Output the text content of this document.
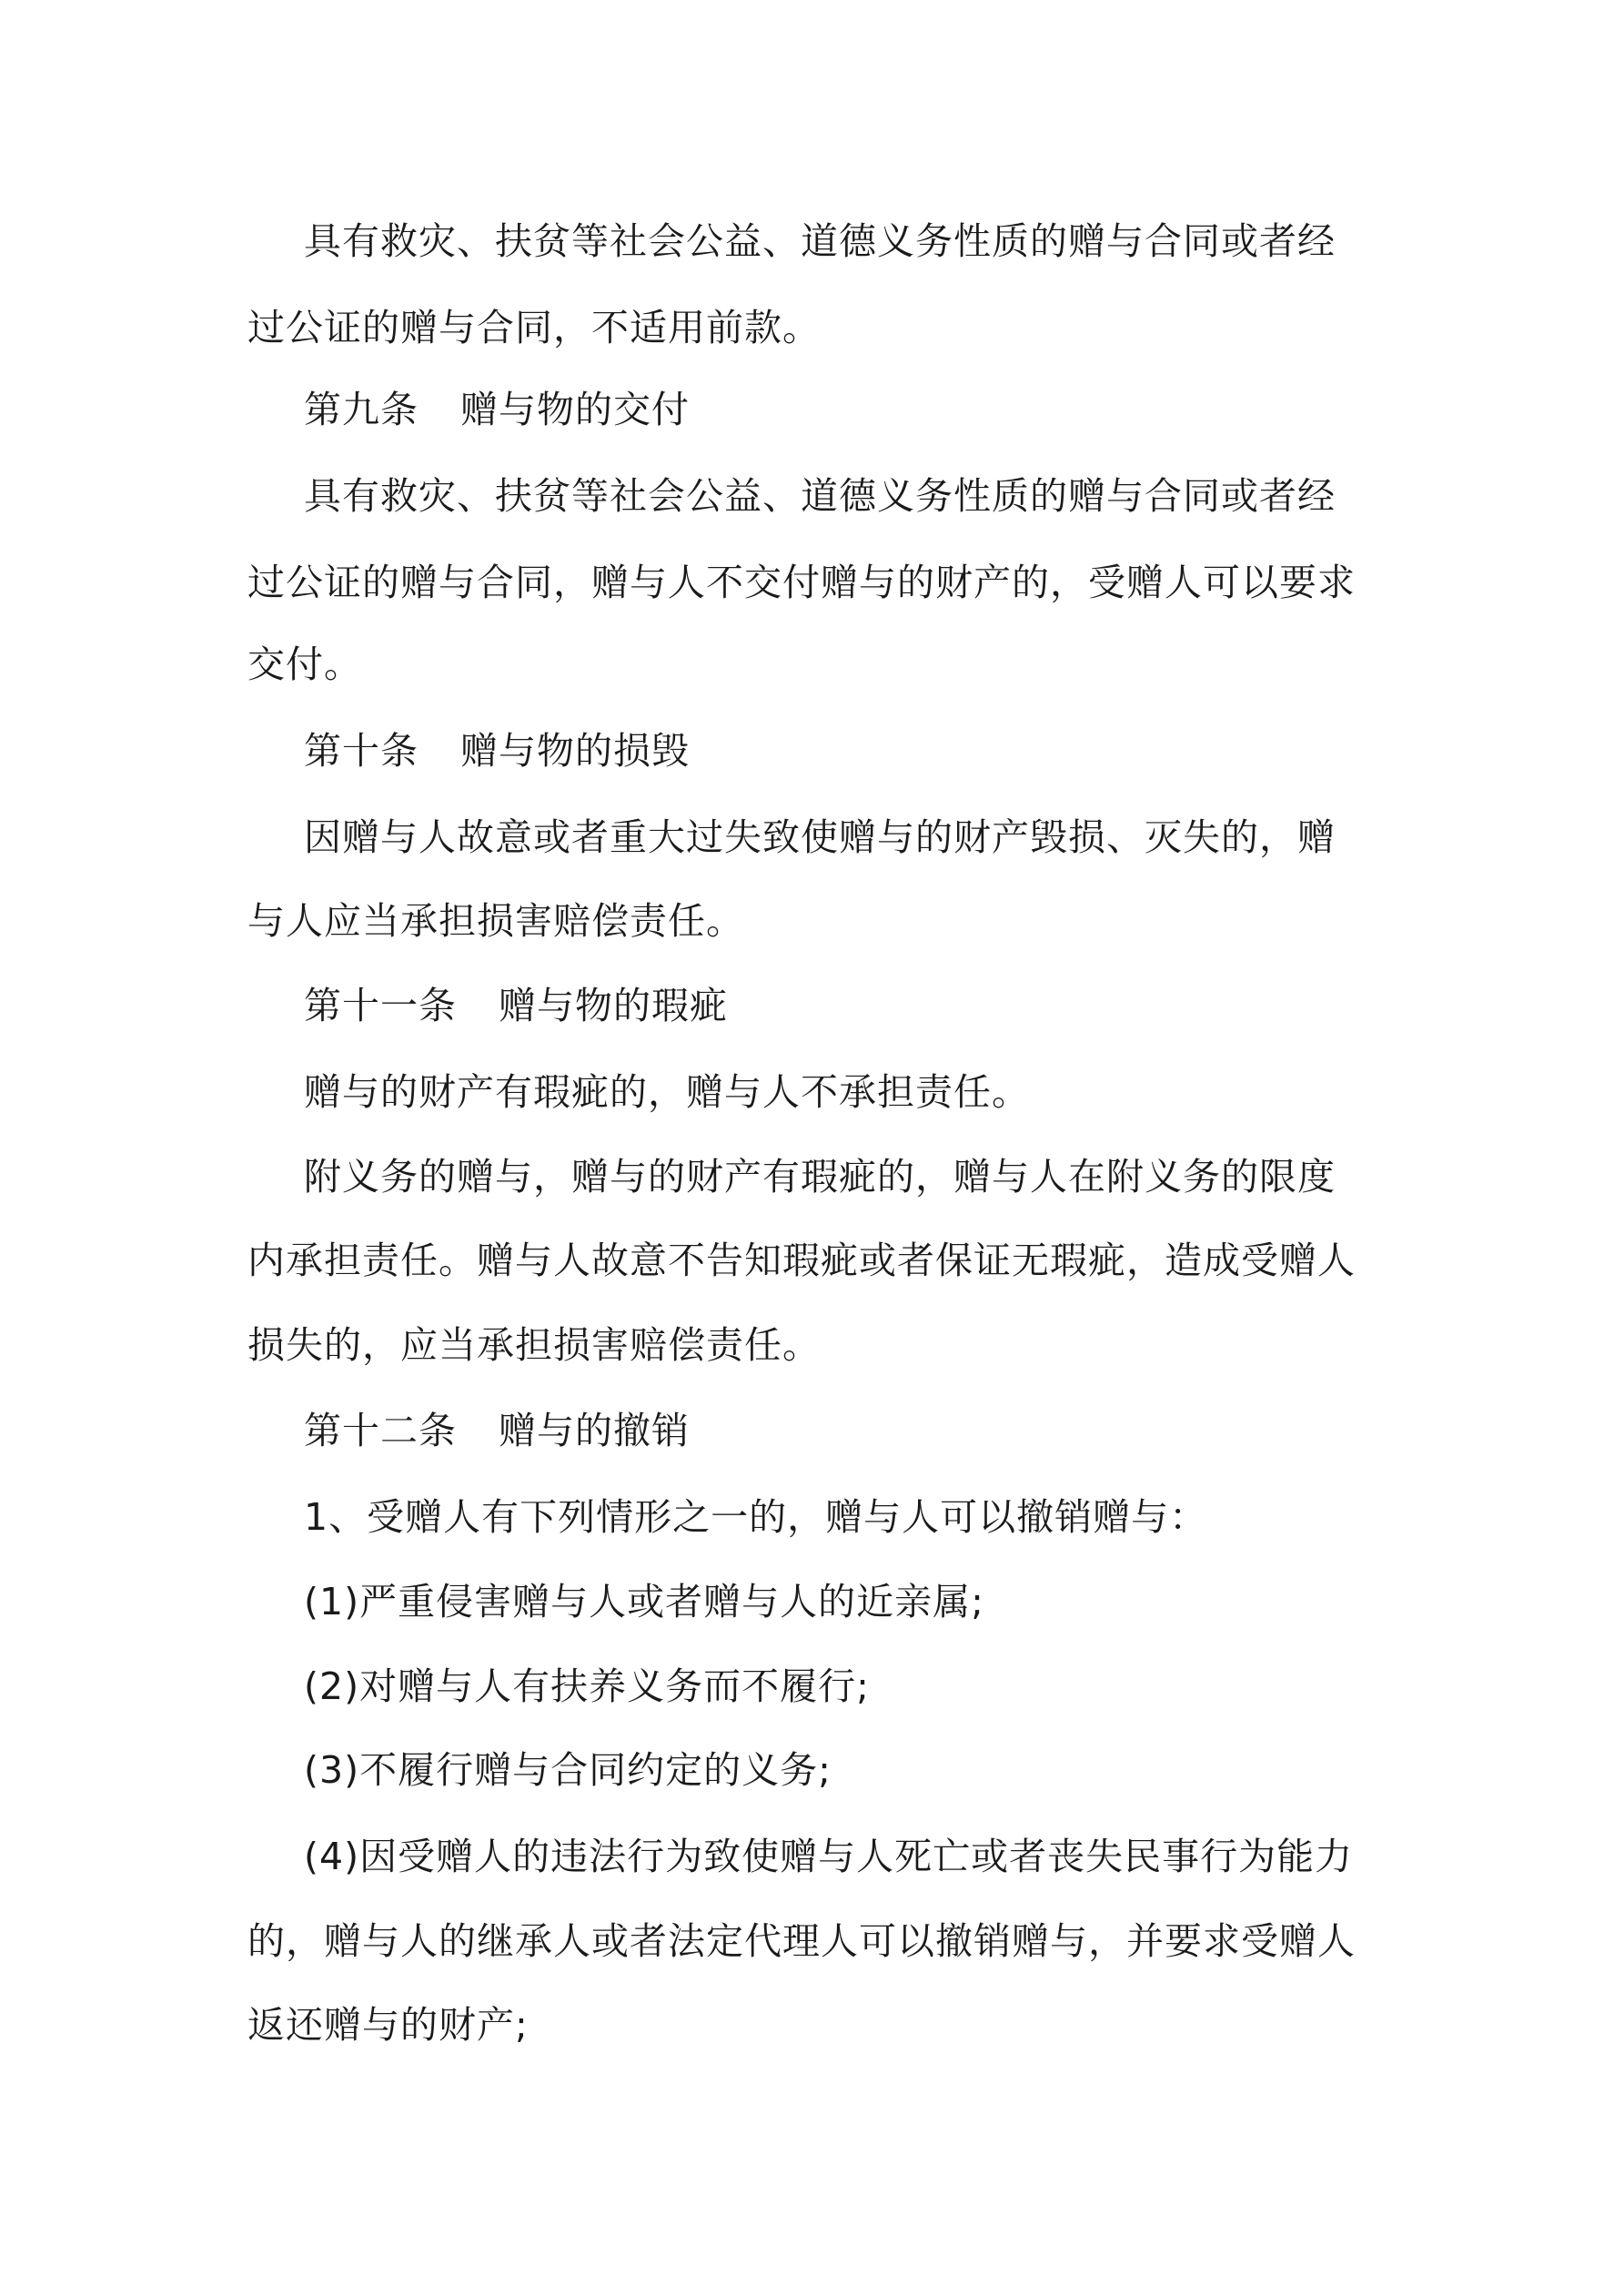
具有救灾、扶贫等社会公益、道德义务性质的赠与合同或者经
过公证的赠与合同，不适用前款。
第九条 赠与物的交付
具有救灾、扶贫等社会公益、道德义务性质的赠与合同或者经
过公证的赠与合同，赠与人不交付赠与的财产的，受赠人可以要求
交付。
第十条 赠与物的损毁
因赠与人故意或者重大过失致使赠与的财产毁损、灭失的，赠
与人应当承担损害赔偿责任。
第十一条 赠与物的瑕疵
赠与的财产有瑕疵的，赠与人不承担责任。
附义务的赠与，赠与的财产有瑕疵的，赠与人在附义务的限度
内承担责任。赠与人故意不告知瑕疵或者保证无瑕疵，造成受赠人
损失的，应当承担损害赔偿责任。
第十二条 赠与的撤销
1、受赠人有下列情形之一的，赠与人可以撤销赠与：
(1)严重侵害赠与人或者赠与人的近亲属;
(2)对赠与人有扶养义务而不履行;
(3)不履行赠与合同约定的义务;
(4)因受赠人的违法行为致使赠与人死亡或者丧失民事行为能力
的，赠与人的继承人或者法定代理人可以撤销赠与，并要求受赠人
返还赠与的财产;
